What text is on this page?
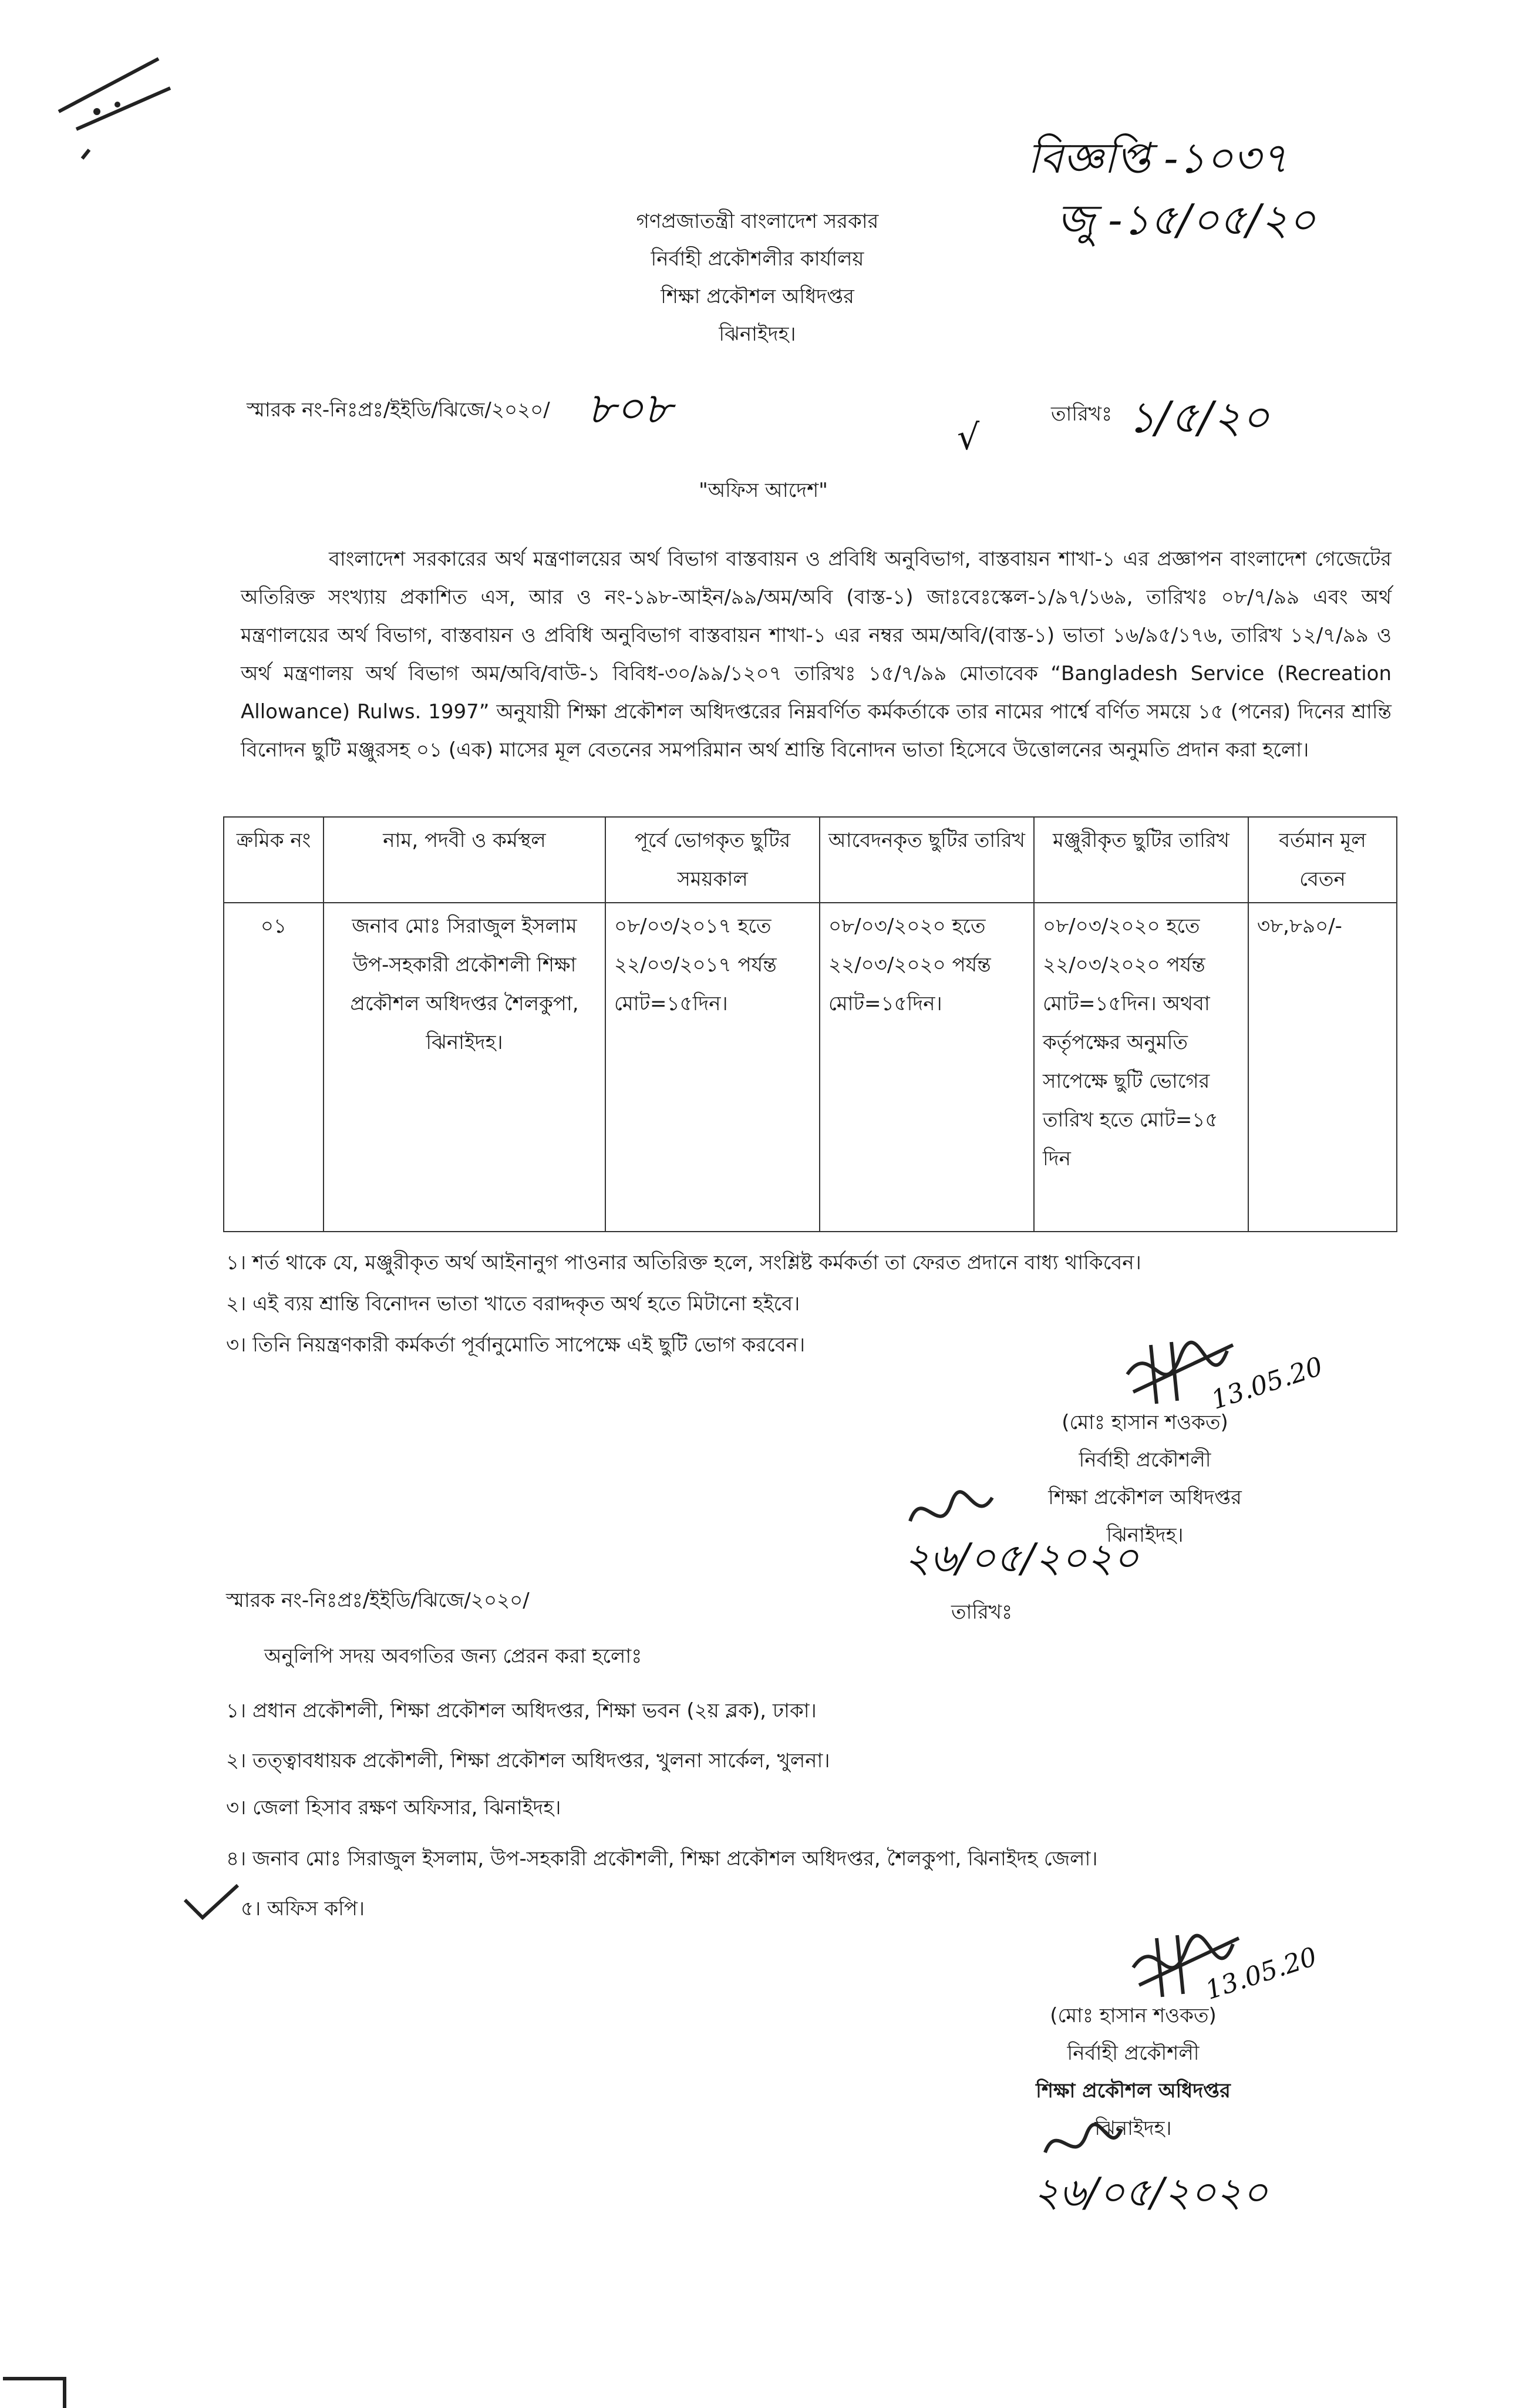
বিজ্ঞপ্তি -১০৩৭
জু -১৫/০৫/২০
গণপ্রজাতন্ত্রী বাংলাদেশ সরকার
নির্বাহী প্রকৌশলীর কার্যালয়
শিক্ষা প্রকৌশল অধিদপ্তর
ঝিনাইদহ।
স্মারক নং-নিঃপ্রঃ/ইইডি/ঝিজে/২০২০/ ৮০৮
√
তারিখঃ ১/৫/২০
"অফিস আদেশ"

বাংলাদেশ সরকারের অর্থ মন্ত্রণালয়ের অর্থ বিভাগ বাস্তবায়ন ও প্রবিধি অনুবিভাগ, বাস্তবায়ন শাখা-১ এর প্রজ্ঞাপন বাংলাদেশ গেজেটের অতিরিক্ত সংখ্যায় প্রকাশিত এস, আর ও নং-১৯৮-আইন/৯৯/অম/অবি (বাস্ত-১) জাঃবেঃস্কেল-১/৯৭/১৬৯, তারিখঃ ০৮/৭/৯৯ এবং অর্থ মন্ত্রণালয়ের অর্থ বিভাগ, বাস্তবায়ন ও প্রবিধি অনুবিভাগ বাস্তবায়ন শাখা-১ এর নম্বর অম/অবি/(বাস্ত-১) ভাতা ১৬/৯৫/১৭৬, তারিখ ১২/৭/৯৯ ও অর্থ মন্ত্রণালয় অর্থ বিভাগ অম/অবি/বাউ-১ বিবিধ-৩০/৯৯/১২০৭ তারিখঃ ১৫/৭/৯৯ মোতাবেক “Bangladesh Service (Recreation Allowance) Rulws. 1997” অনুযায়ী শিক্ষা প্রকৌশল অধিদপ্তরের নিম্নবর্ণিত কর্মকর্তাকে তার নামের পার্শ্বে বর্ণিত সময়ে ১৫ (পনের) দিনের শ্রান্তি বিনোদন ছুটি মঞ্জুরসহ ০১ (এক) মাসের মূল বেতনের সমপরিমান অর্থ শ্রান্তি বিনোদন ভাতা হিসেবে উত্তোলনের অনুমতি প্রদান করা হলো।

ক্রমিক নং	নাম, পদবী ও কর্মস্থল	পূর্বে ভোগকৃত ছুটির সময়কাল	আবেদনকৃত ছুটির তারিখ	মঞ্জুরীকৃত ছুটির তারিখ	বর্তমান মূল বেতন
০১	জনাব মোঃ সিরাজুল ইসলাম উপ-সহকারী প্রকৌশলী শিক্ষা প্রকৌশল অধিদপ্তর শৈলকুপা, ঝিনাইদহ।	০৮/০৩/২০১৭ হতে ২২/০৩/২০১৭ পর্যন্ত মোট=১৫দিন।	০৮/০৩/২০২০ হতে ২২/০৩/২০২০ পর্যন্ত মোট=১৫দিন।	০৮/০৩/২০২০ হতে ২২/০৩/২০২০ পর্যন্ত মোট=১৫দিন। অথবা কর্তৃপক্ষের অনুমতি সাপেক্ষে ছুটি ভোগের তারিখ হতে মোট=১৫ দিন	৩৮,৮৯০/-
১। শর্ত থাকে যে, মঞ্জুরীকৃত অর্থ আইনানুগ পাওনার অতিরিক্ত হলে, সংশ্লিষ্ট কর্মকর্তা তা ফেরত প্রদানে বাধ্য থাকিবেন।
২। এই ব্যয় শ্রান্তি বিনোদন ভাতা খাতে বরাদ্দকৃত অর্থ হতে মিটানো হইবে।
৩। তিনি নিয়ন্ত্রণকারী কর্মকর্তা পূর্বানুমোতি সাপেক্ষে এই ছুটি ভোগ করবেন।
13.05.20
(মোঃ হাসান শওকত)
নির্বাহী প্রকৌশলী
শিক্ষা প্রকৌশল অধিদপ্তর
ঝিনাইদহ।
২৬/০৫/২০২০
স্মারক নং-নিঃপ্রঃ/ইইডি/ঝিজে/২০২০/	তারিখঃ
অনুলিপি সদয় অবগতির জন্য প্রেরন করা হলোঃ
১। প্রধান প্রকৌশলী, শিক্ষা প্রকৌশল অধিদপ্তর, শিক্ষা ভবন (২য় ব্লক), ঢাকা।
২। তত্ত্বাবধায়ক প্রকৌশলী, শিক্ষা প্রকৌশল অধিদপ্তর, খুলনা সার্কেল, খুলনা।
৩। জেলা হিসাব রক্ষণ অফিসার, ঝিনাইদহ।
৪। জনাব মোঃ সিরাজুল ইসলাম, উপ-সহকারী প্রকৌশলী, শিক্ষা প্রকৌশল অধিদপ্তর, শৈলকুপা, ঝিনাইদহ জেলা।
৫। অফিস কপি।
13.05.20
(মোঃ হাসান শওকত)
নির্বাহী প্রকৌশলী
শিক্ষা প্রকৌশল অধিদপ্তর
ঝিনাইদহ।
২৬/০৫/২০২০
